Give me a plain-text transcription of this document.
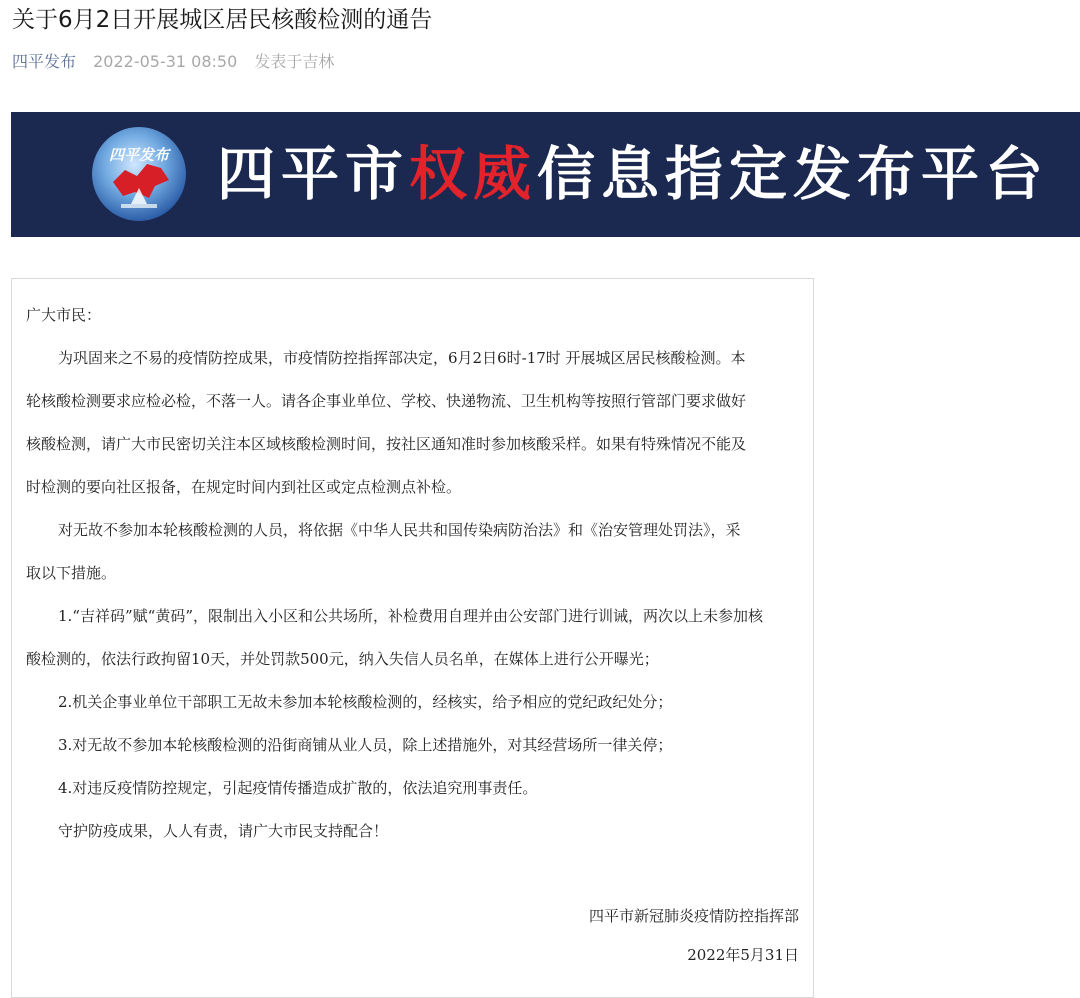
关于6月2日开展城区居民核酸检测的通告
四平发布 2022-05-31 08:50 发表于吉林
四平发布 四平市权威信息指定发布平台
广大市民：
为巩固来之不易的疫情防控成果，市疫情防控指挥部决定，6月2日6时-17时 开展城区居民核酸检测。本
轮核酸检测要求应检必检，不落一人。请各企事业单位、学校、快递物流、卫生机构等按照行管部门要求做好
核酸检测，请广大市民密切关注本区域核酸检测时间，按社区通知准时参加核酸采样。如果有特殊情况不能及
时检测的要向社区报备，在规定时间内到社区或定点检测点补检。
对无故不参加本轮核酸检测的人员，将依据《中华人民共和国传染病防治法》和《治安管理处罚法》，采
取以下措施。
1.“吉祥码”赋“黄码”，限制出入小区和公共场所，补检费用自理并由公安部门进行训诫，两次以上未参加核
酸检测的，依法行政拘留10天，并处罚款500元，纳入失信人员名单，在媒体上进行公开曝光；
2.机关企事业单位干部职工无故未参加本轮核酸检测的，经核实，给予相应的党纪政纪处分；
3.对无故不参加本轮核酸检测的沿街商铺从业人员，除上述措施外，对其经营场所一律关停；
4.对违反疫情防控规定，引起疫情传播造成扩散的，依法追究刑事责任。
守护防疫成果，人人有责，请广大市民支持配合！
四平市新冠肺炎疫情防控指挥部
2022年5月31日
